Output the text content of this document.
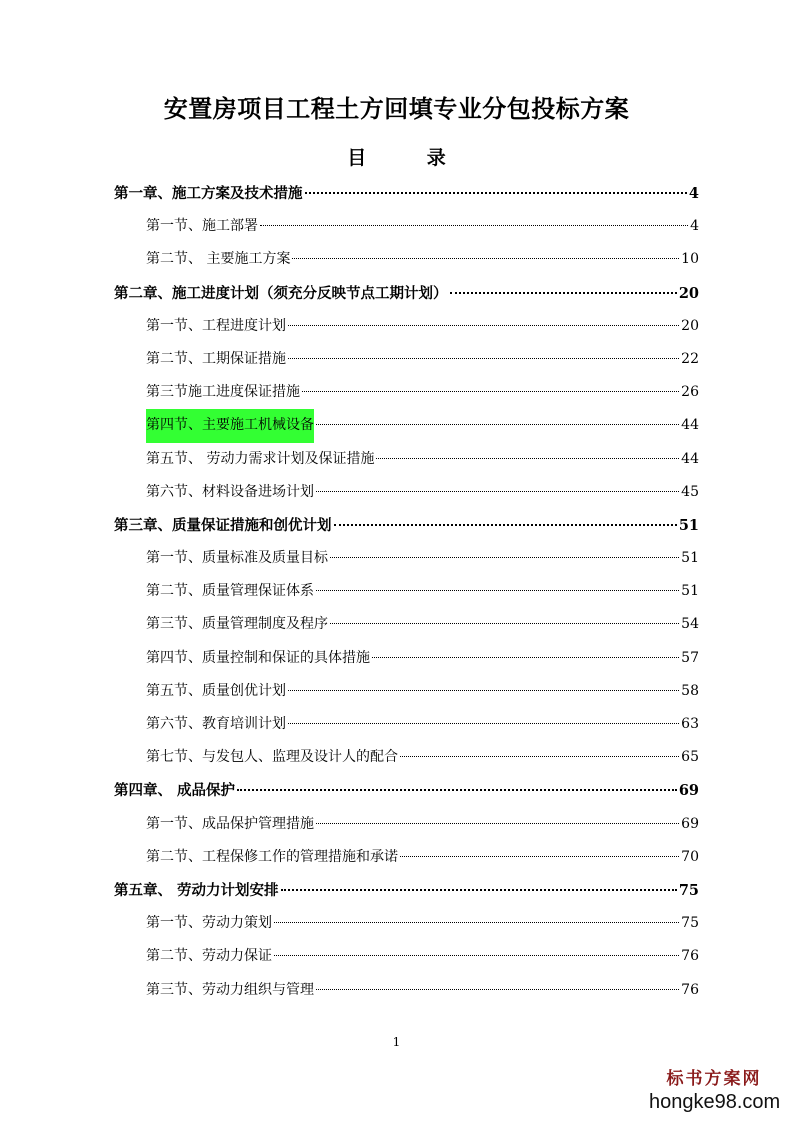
安置房项目工程土方回填专业分包投标方案
目 录
第一章、施工方案及技术措施	4
第一节、施工部署	4
第二节、 主要施工方案	10
第二章、施工进度计划（须充分反映节点工期计划）	20
第一节、工程进度计划	20
第二节、工期保证措施	22
第三节施工进度保证措施	26
第四节、主要施工机械设备	44
第五节、 劳动力需求计划及保证措施	44
第六节、材料设备进场计划	45
第三章、质量保证措施和创优计划	51
第一节、质量标准及质量目标	51
第二节、质量管理保证体系	51
第三节、质量管理制度及程序	54
第四节、质量控制和保证的具体措施	57
第五节、质量创优计划	58
第六节、教育培训计划	63
第七节、与发包人、监理及设计人的配合	65
第四章、 成品保护	69
第一节、成品保护管理措施	69
第二节、工程保修工作的管理措施和承诺	70
第五章、 劳动力计划安排	75
第一节、劳动力策划	75
第二节、劳动力保证	76
第三节、劳动力组织与管理	76
1
标书方案网
hongke98.com
